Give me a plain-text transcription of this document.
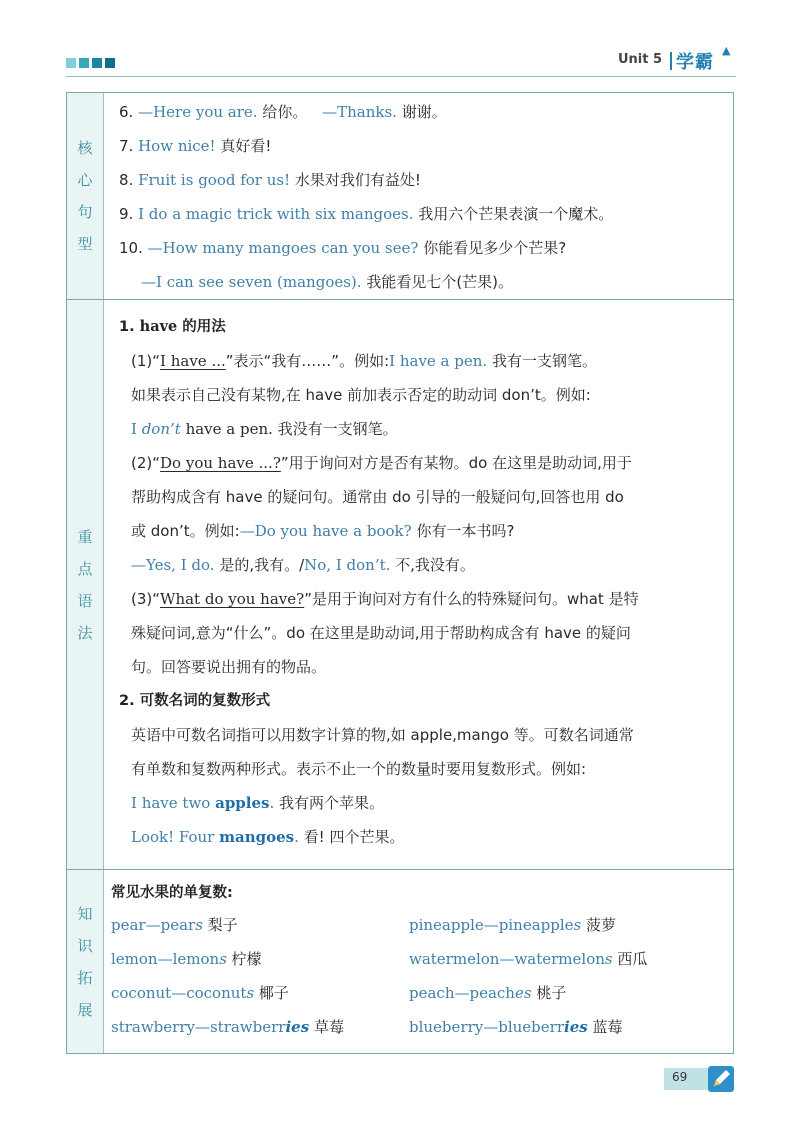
Unit 5 学霸
▲
核
心
句
型
6. —Here you are. 给你。 —Thanks. 谢谢。
7. How nice! 真好看!
8. Fruit is good for us! 水果对我们有益处!
9. I do a magic trick with six mangoes. 我用六个芒果表演一个魔术。
10. —How many mangoes can you see? 你能看见多少个芒果?
—I can see seven (mangoes). 我能看见七个(芒果)。
重
点
语
法
1. have 的用法
(1)“I have ...”表示“我有……”。例如:I have a pen. 我有一支钢笔。
如果表示自己没有某物,在 have 前加表示否定的助动词 don’t。例如:
I don’t have a pen. 我没有一支钢笔。
(2)“Do you have ...?”用于询问对方是否有某物。do 在这里是助动词,用于
帮助构成含有 have 的疑问句。通常由 do 引导的一般疑问句,回答也用 do
或 don’t。例如:—Do you have a book? 你有一本书吗?
—Yes, I do. 是的,我有。/No, I don’t. 不,我没有。
(3)“What do you have?”是用于询问对方有什么的特殊疑问句。what 是特
殊疑问词,意为“什么”。do 在这里是助动词,用于帮助构成含有 have 的疑问
句。回答要说出拥有的物品。
2. 可数名词的复数形式
英语中可数名词指可以用数字计算的物,如 apple,mango 等。可数名词通常
有单数和复数两种形式。表示不止一个的数量时要用复数形式。例如:
I have two apples. 我有两个苹果。
Look! Four mangoes. 看! 四个芒果。
知
识
拓
展
常见水果的单复数:
pear—pears 梨子	pineapple—pineapples 菠萝
lemon—lemons 柠檬	watermelon—watermelons 西瓜
coconut—coconuts 椰子	peach—peaches 桃子
strawberry—strawberries 草莓	blueberry—blueberries 蓝莓
69
